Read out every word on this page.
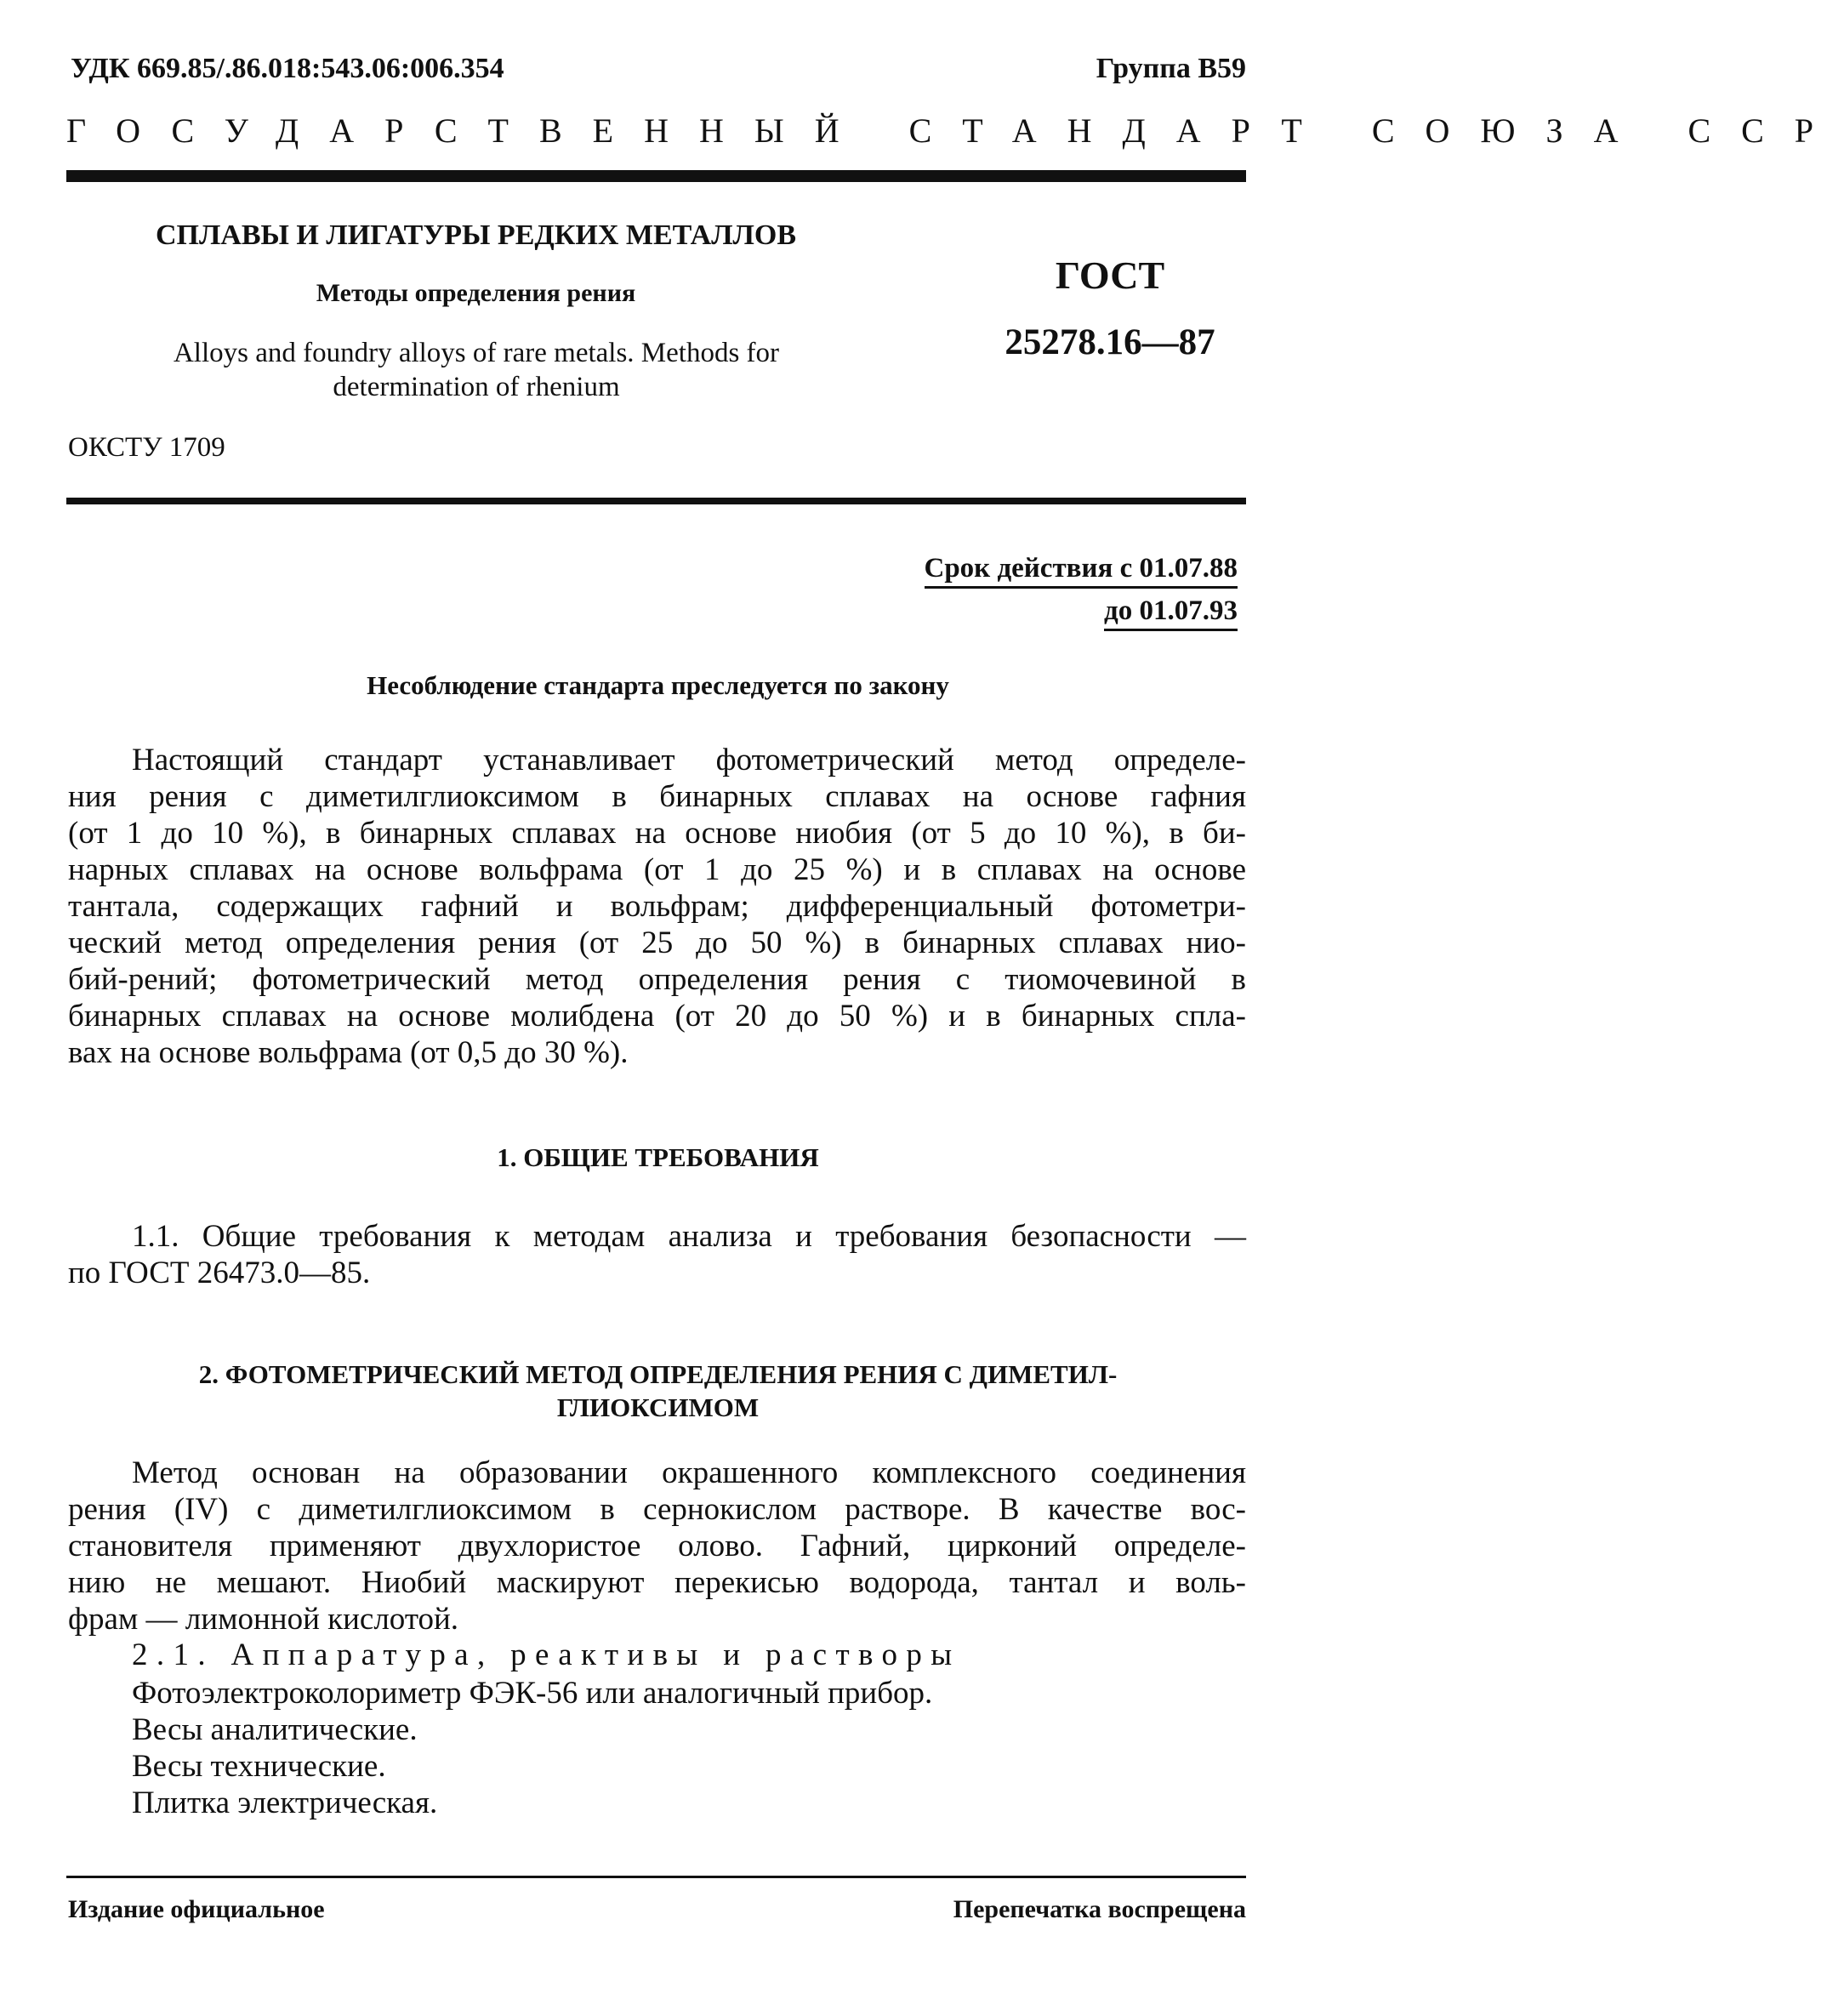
УДК 669.85/.86.018:543.06:006.354	Группа В59
ГОСУДАРСТВЕННЫЙ СТАНДАРТ СОЮЗА ССР
СПЛАВЫ И ЛИГАТУРЫ РЕДКИХ МЕТАЛЛОВ
Методы определения рения
Alloys and foundry alloys of rare metals. Methods for
determination of rhenium
ГОСТ
25278.16—87
ОКСТУ 1709
Срок действия с 01.07.88
до 01.07.93
Несоблюдение стандарта преследуется по закону
Настоящий стандарт устанавливает фотометрический метод определе-
ния рения с диметилглиоксимом в бинарных сплавах на основе гафния
(от 1 до 10 %), в бинарных сплавах на основе ниобия (от 5 до 10 %), в би-
нарных сплавах на основе вольфрама (от 1 до 25 %) и в сплавах на основе
тантала, содержащих гафний и вольфрам; дифференциальный фотометри-
ческий метод определения рения (от 25 до 50 %) в бинарных сплавах нио-
бий-рений; фотометрический метод определения рения с тиомочевиной в
бинарных сплавах на основе молибдена (от 20 до 50 %) и в бинарных спла-
вах на основе вольфрама (от 0,5 до 30 %).
1. ОБЩИЕ ТРЕБОВАНИЯ
1.1. Общие требования к методам анализа и требования безопасности —
по ГОСТ 26473.0—85.
2. ФОТОМЕТРИЧЕСКИЙ МЕТОД ОПРЕДЕЛЕНИЯ РЕНИЯ С ДИМЕТИЛ-
ГЛИОКСИМОМ
Метод основан на образовании окрашенного комплексного соединения
рения (IV) с диметилглиоксимом в сернокислом растворе. В качестве вос-
становителя применяют двухлористое олово. Гафний, цирконий определе-
нию не мешают. Ниобий маскируют перекисью водорода, тантал и воль-
фрам — лимонной кислотой.
2.1. Аппаратура, реактивы и растворы
Фотоэлектроколориметр ФЭК-56 или аналогичный прибор.
Весы аналитические.
Весы технические.
Плитка электрическая.
Издание официальное	Перепечатка воспрещена
